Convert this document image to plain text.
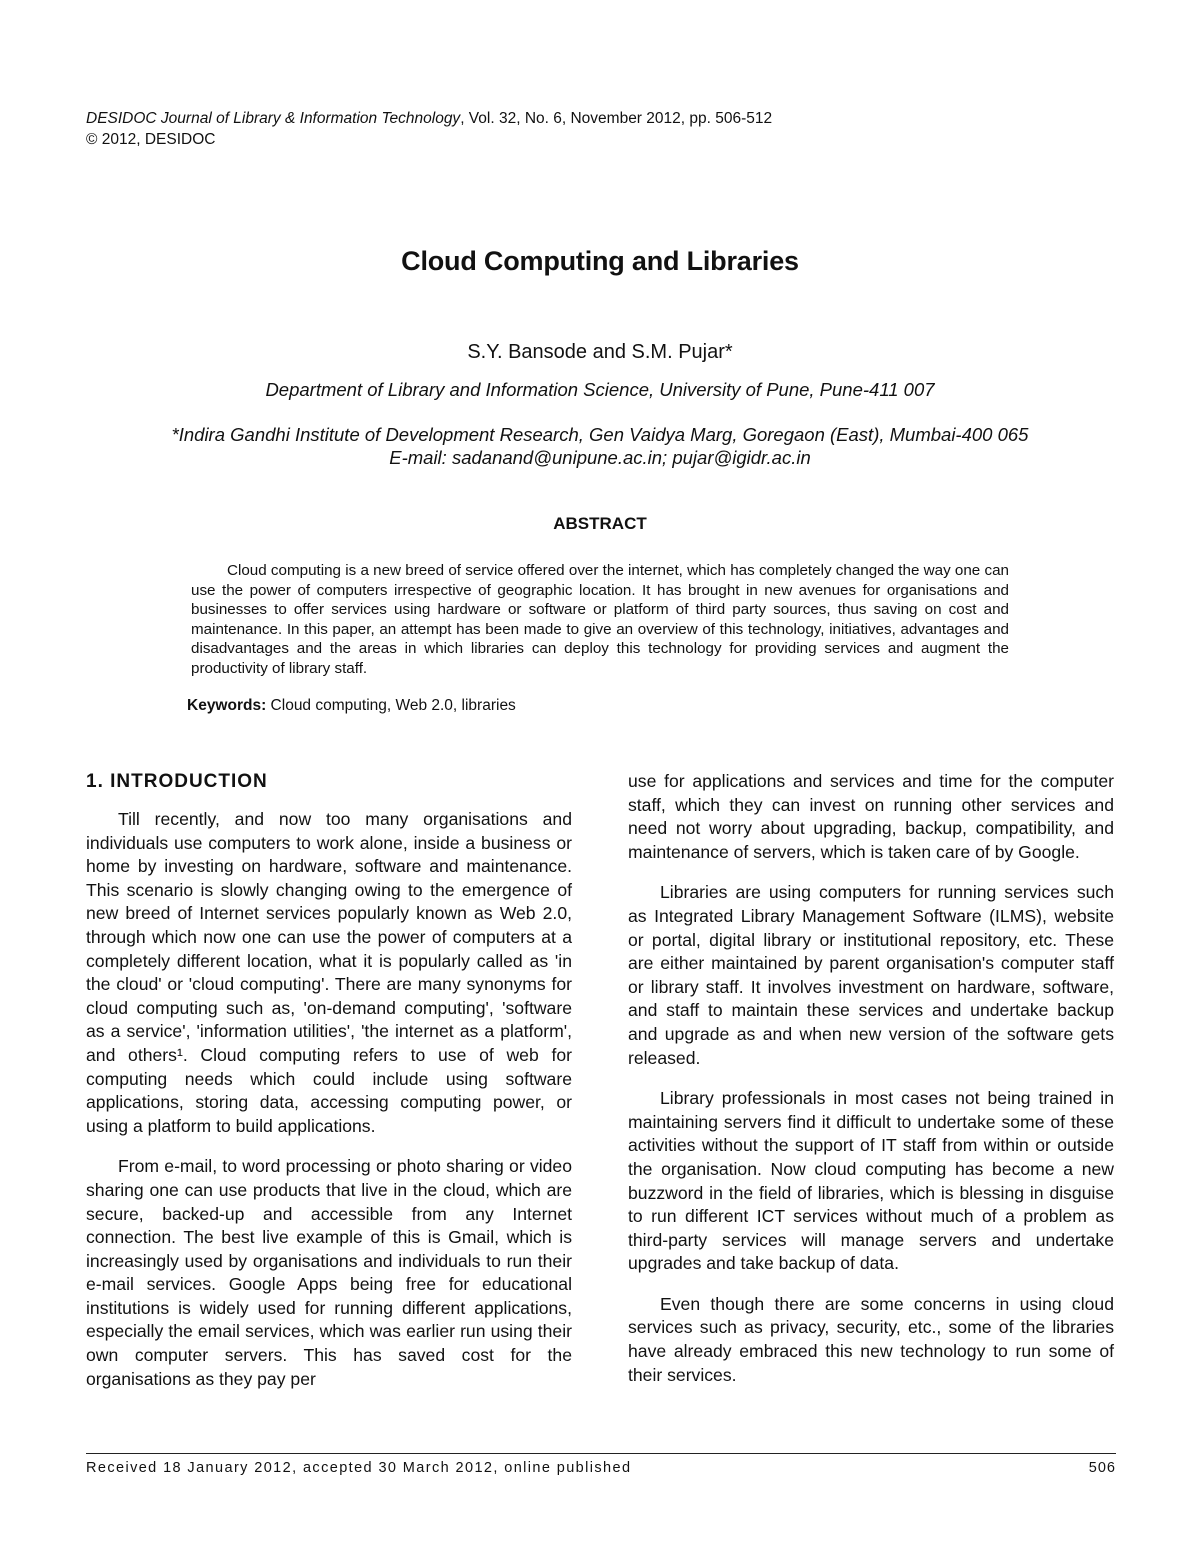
DESIDOC Journal of Library & Information Technology, Vol. 32, No. 6, November 2012, pp. 506-512
© 2012, DESIDOC
Cloud Computing and Libraries
S.Y. Bansode and S.M. Pujar*
Department of Library and Information Science, University of Pune, Pune-411 007
*Indira Gandhi Institute of Development Research, Gen Vaidya Marg, Goregaon (East), Mumbai-400 065
E-mail: sadanand@unipune.ac.in; pujar@igidr.ac.in
ABSTRACT

Cloud computing is a new breed of service offered over the internet, which has completely changed the way one can use the power of computers irrespective of geographic location. It has brought in new avenues for organisations and businesses to offer services using hardware or software or platform of third party sources, thus saving on cost and maintenance. In this paper, an attempt has been made to give an overview of this technology, initiatives, advantages and disadvantages and the areas in which libraries can deploy this technology for providing services and augment the productivity of library staff.

Keywords: Cloud computing, Web 2.0, libraries
1. INTRODUCTION

Till recently, and now too many organisations and individuals use computers to work alone, inside a business or home by investing on hardware, software and maintenance. This scenario is slowly changing owing to the emergence of new breed of Internet services popularly known as Web 2.0, through which now one can use the power of computers at a completely different location, what it is popularly called as 'in the cloud' or 'cloud computing'. There are many synonyms for cloud computing such as, 'on-demand computing', 'software as a service', 'information utilities', 'the internet as a platform', and others¹. Cloud computing refers to use of web for computing needs which could include using software applications, storing data, accessing computing power, or using a platform to build applications.

From e-mail, to word processing or photo sharing or video sharing one can use products that live in the cloud, which are secure, backed-up and accessible from any Internet connection. The best live example of this is Gmail, which is increasingly used by organisations and individuals to run their e-mail services. Google Apps being free for educational institutions is widely used for running different applications, especially the email services, which was earlier run using their own computer servers. This has saved cost for the organisations as they pay per

use for applications and services and time for the computer staff, which they can invest on running other services and need not worry about upgrading, backup, compatibility, and maintenance of servers, which is taken care of by Google.

Libraries are using computers for running services such as Integrated Library Management Software (ILMS), website or portal, digital library or institutional repository, etc. These are either maintained by parent organisation's computer staff or library staff. It involves investment on hardware, software, and staff to maintain these services and undertake backup and upgrade as and when new version of the software gets released.

Library professionals in most cases not being trained in maintaining servers find it difficult to undertake some of these activities without the support of IT staff from within or outside the organisation. Now cloud computing has become a new buzzword in the field of libraries, which is blessing in disguise to run different ICT services without much of a problem as third-party services will manage servers and undertake upgrades and take backup of data.

Even though there are some concerns in using cloud services such as privacy, security, etc., some of the libraries have already embraced this new technology to run some of their services.

Received 18 January 2012, accepted 30 March 2012, online published	506
